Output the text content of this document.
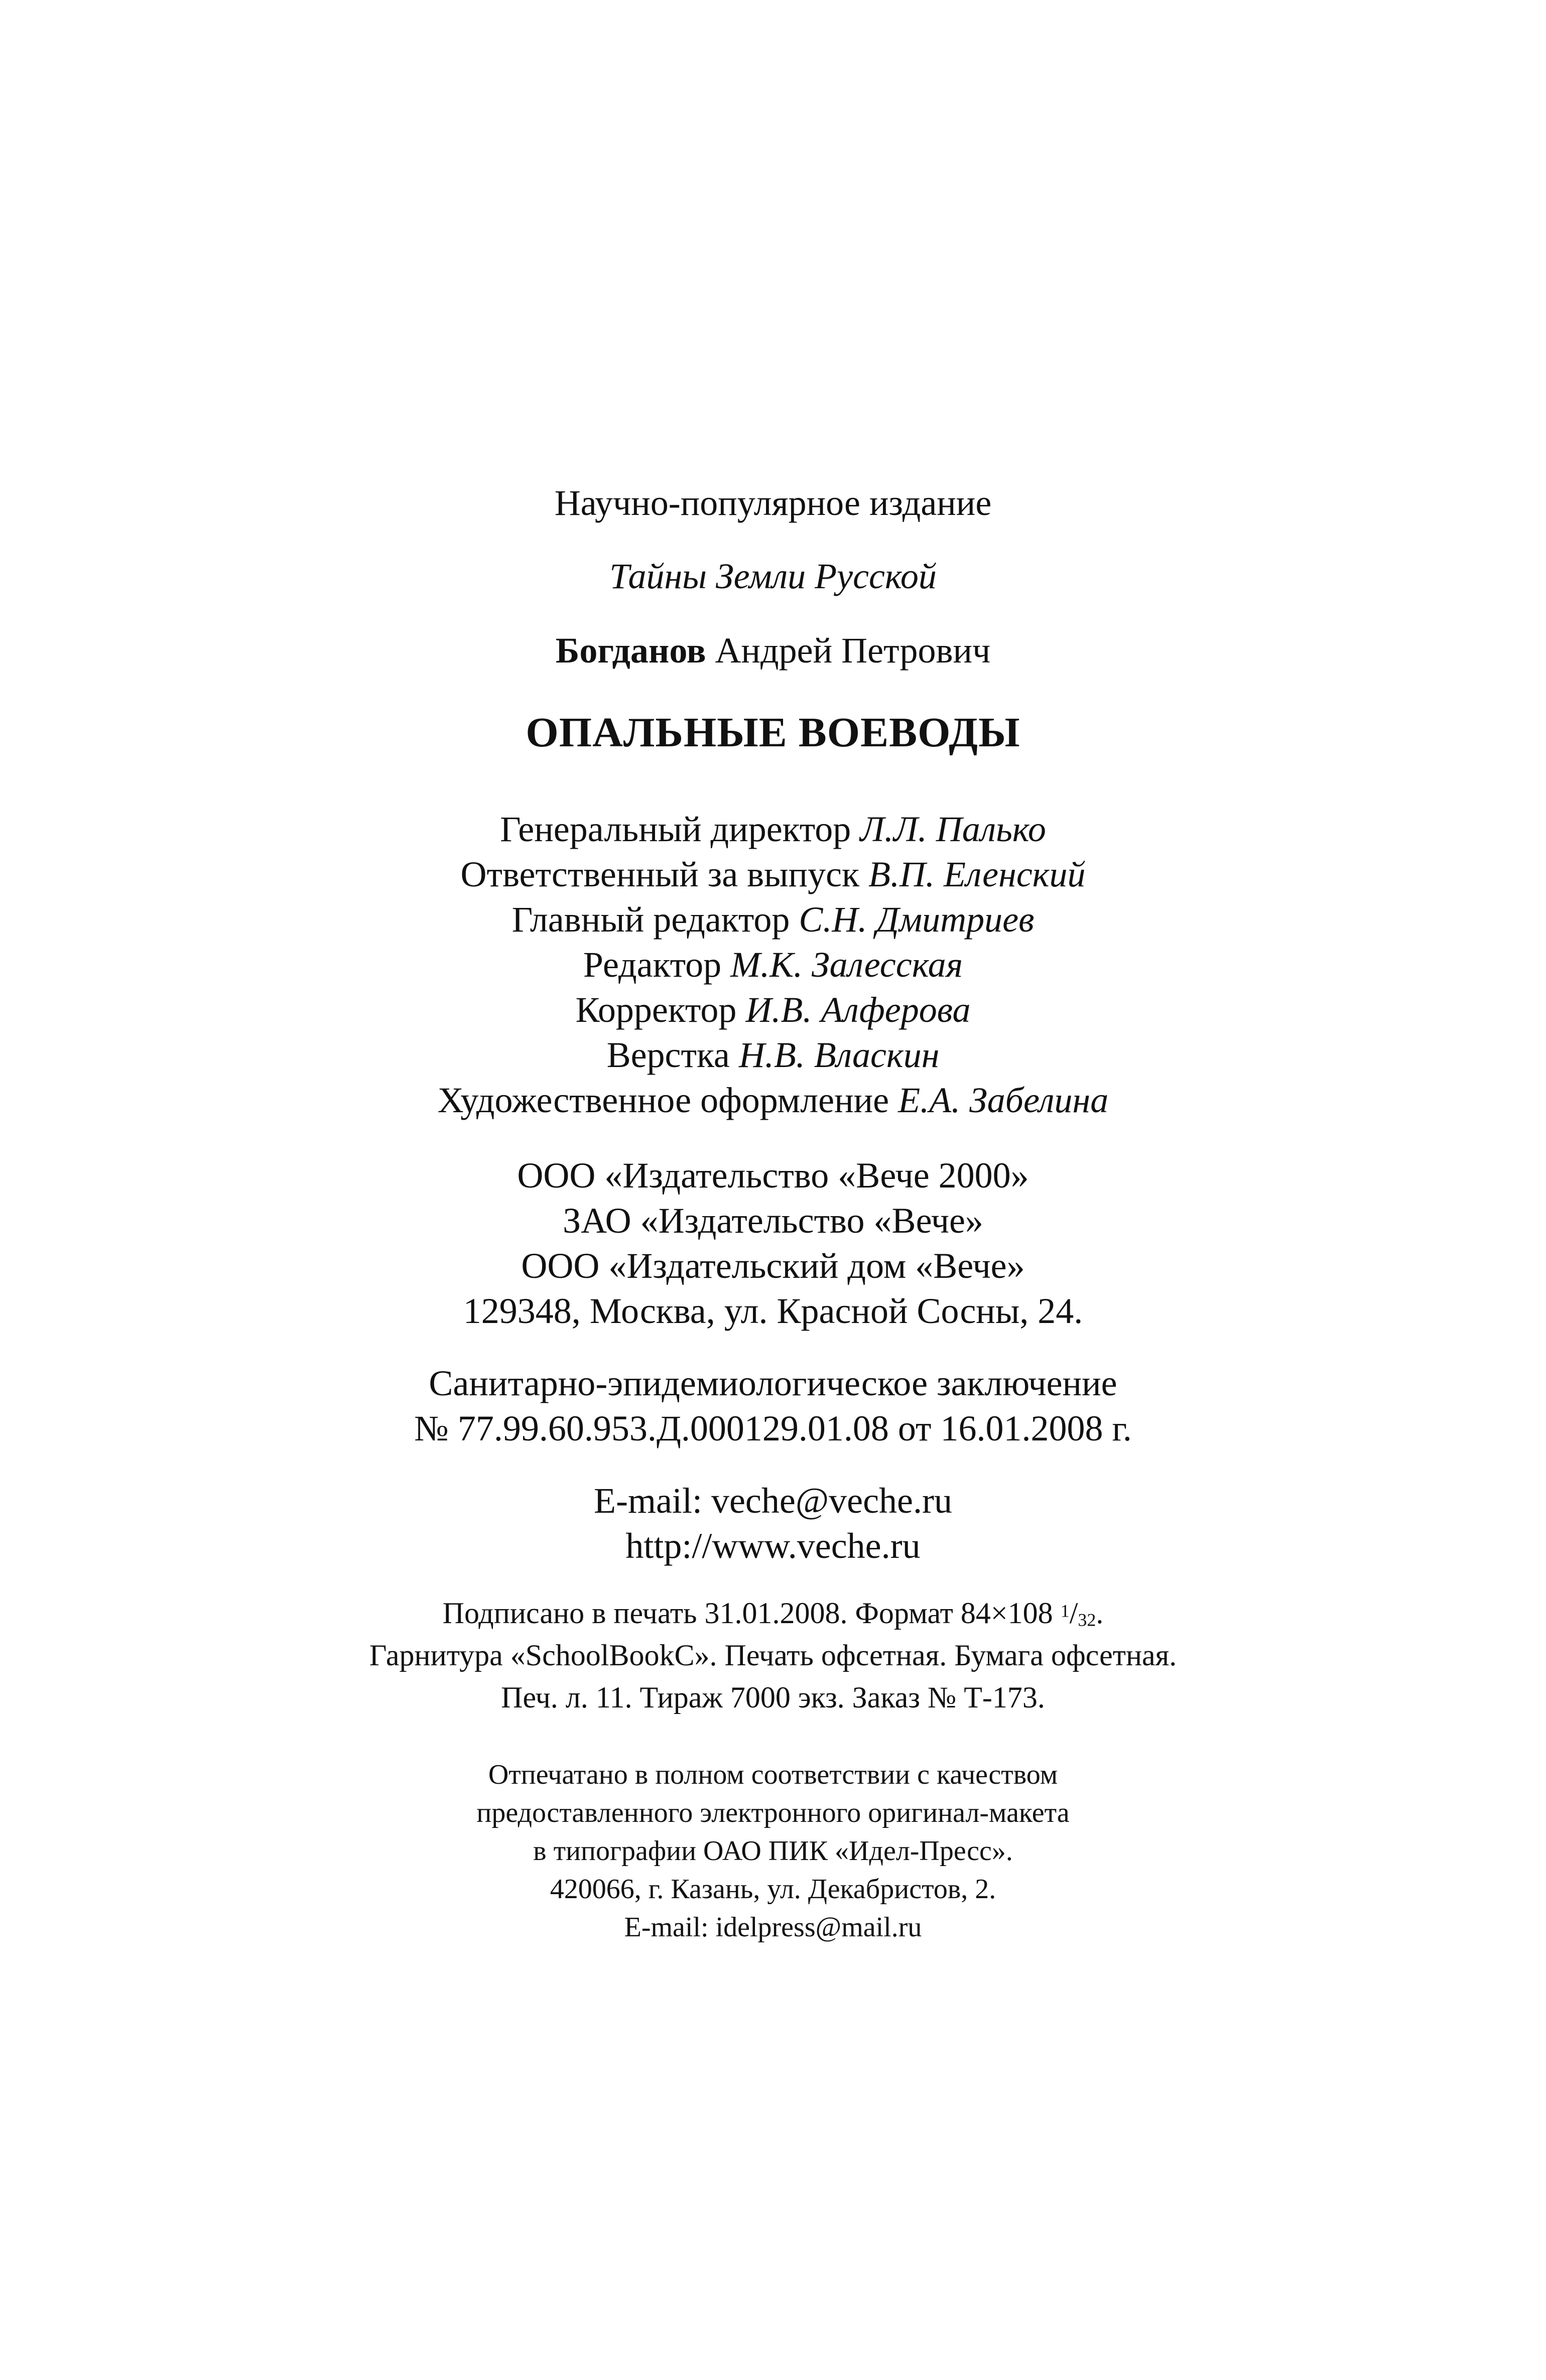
Научно-популярное издание
Тайны Земли Русской
Богданов Андрей Петрович
ОПАЛЬНЫЕ ВОЕВОДЫ
Генеральный директор Л.Л. Палько
Ответственный за выпуск В.П. Еленский
Главный редактор С.Н. Дмитриев
Редактор М.К. Залесская
Корректор И.В. Алферова
Верстка Н.В. Власкин
Художественное оформление Е.А. Забелина
ООО «Издательство «Вече 2000»
ЗАО «Издательство «Вече»
ООО «Издательский дом «Вече»
129348, Москва, ул. Красной Сосны, 24.
Санитарно-эпидемиологическое заключение
№ 77.99.60.953.Д.000129.01.08 от 16.01.2008 г.
E-mail: veche@veche.ru
http://www.veche.ru
Подписано в печать 31.01.2008. Формат 84×108 $^1$/32.
Гарнитура «SchoolBookC». Печать офсетная. Бумага офсетная.
Печ. л. 11. Тираж 7000 экз. Заказ № Т-173.
Отпечатано в полном соответствии с качеством
предоставленного электронного оригинал-макета
в типографии ОАО ПИК «Идел-Пресс».
420066, г. Казань, ул. Декабристов, 2.
E-mail: idelpress@mail.ru
